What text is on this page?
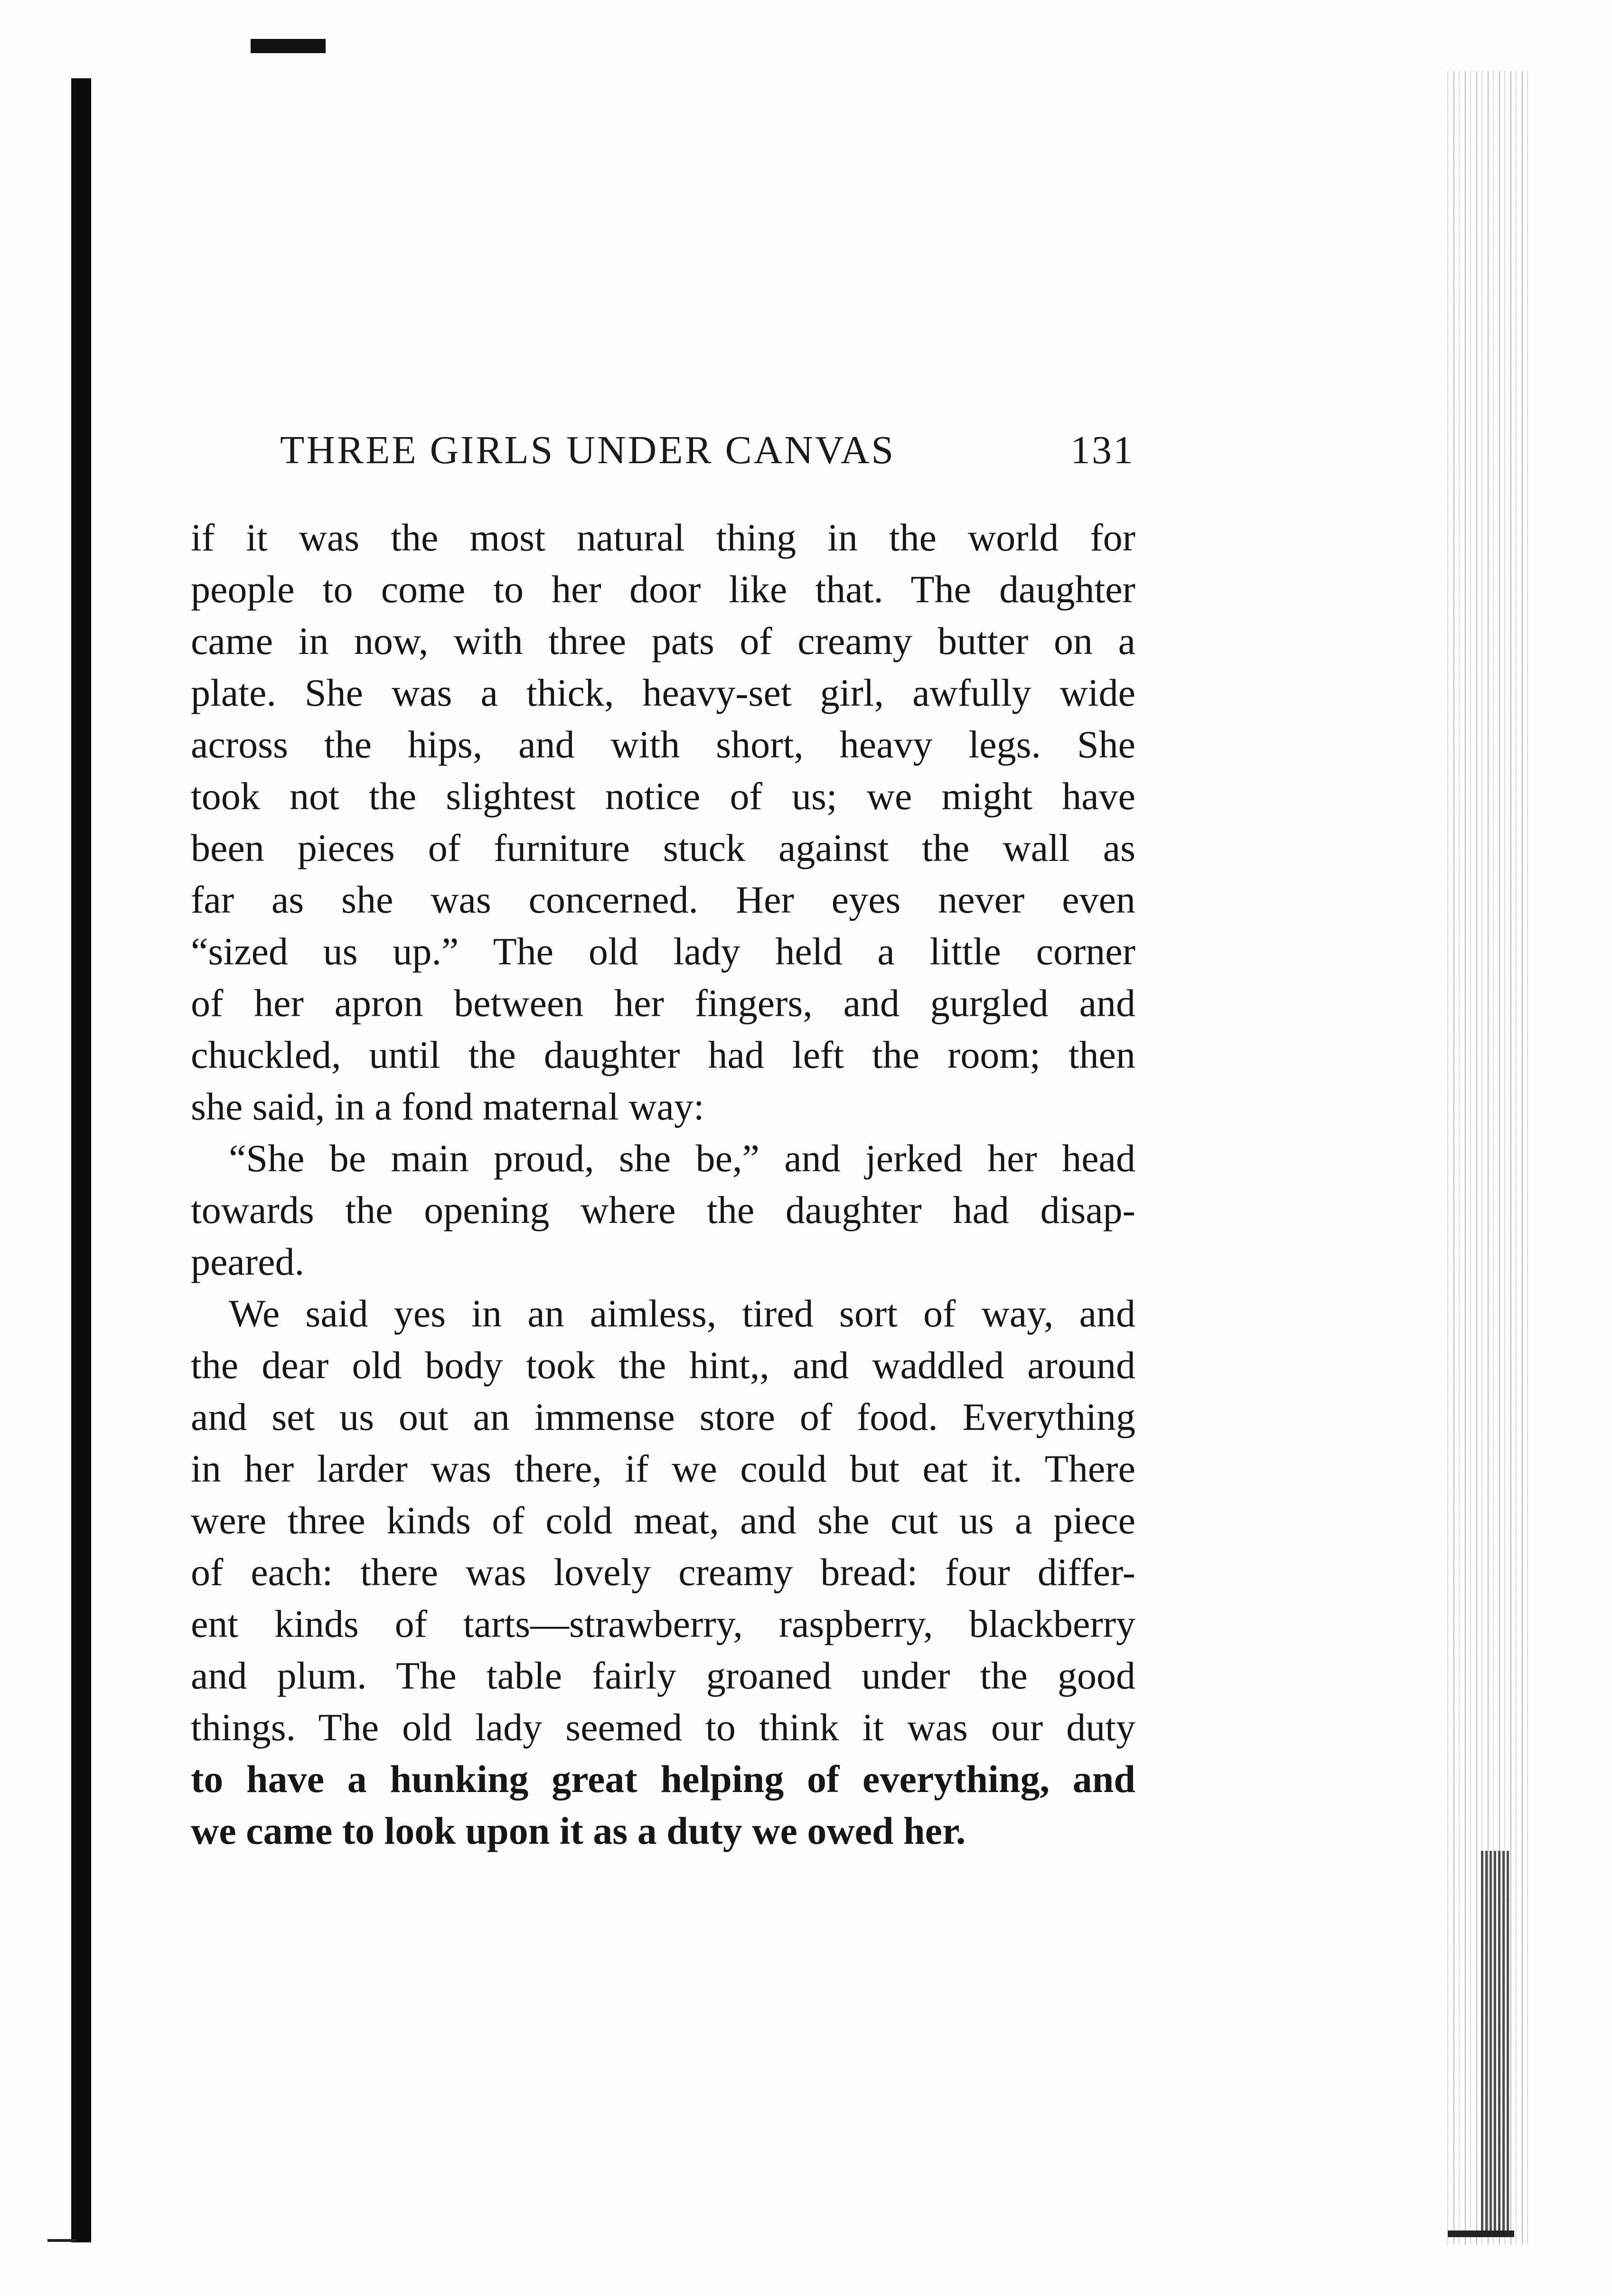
THREE GIRLS UNDER CANVAS	131
if it was the most natural thing in the world for
people to come to her door like that. The daughter
came in now, with three pats of creamy butter on a
plate. She was a thick, heavy-set girl, awfully wide
across the hips, and with short, heavy legs. She
took not the slightest notice of us; we might have
been pieces of furniture stuck against the wall as
far as she was concerned. Her eyes never even
“sized us up.” The old lady held a little corner
of her apron between her fingers, and gurgled and
chuckled, until the daughter had left the room; then
she said, in a fond maternal way:
“She be main proud, she be,” and jerked her head
towards the opening where the daughter had disap-
peared.
We said yes in an aimless, tired sort of way, and
the dear old body took the hint,, and waddled around
and set us out an immense store of food. Everything
in her larder was there, if we could but eat it. There
were three kinds of cold meat, and she cut us a piece
of each: there was lovely creamy bread: four differ-
ent kinds of tarts—strawberry, raspberry, blackberry
and plum. The table fairly groaned under the good
things. The old lady seemed to think it was our duty
to have a hunking great helping of everything, and
we came to look upon it as a duty we owed her.
